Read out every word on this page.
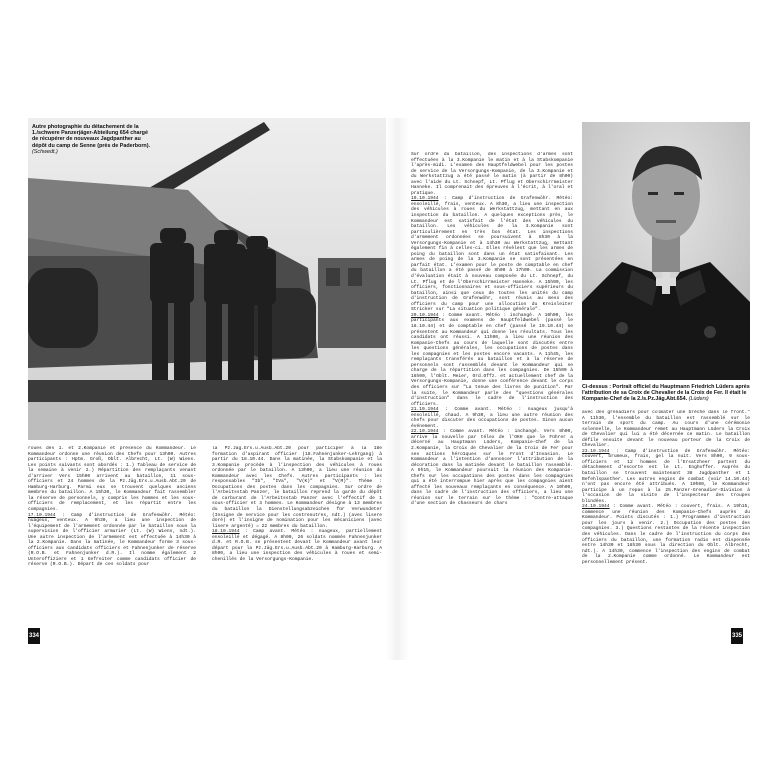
Autre photographie du détachement de la 1./schwere Panzerjäger-Abteilung 654 chargé de récupérer de nouveaux Jagdpanther au dépôt du camp de Senne (près de Paderborn). (Schwedt.)

roues des 1. et 2.Kompanie et présence du Kommandeur. Le Kommandeur ordonne une réunion des Chefs pour 13h00. Autres participants : Hptm. Groß, Oblt. Albrecht, Lt. (W) Wiens. Les points suivants sont abordés : 1.) Tableau de service de la semaine à venir 2.) Répartition des remplaçants venant d'arriver Vers 15h00 arrivent au bataillon, 11 sous-officiers et 24 hommes de la Pz.Jäg.Ers.u.Ausb.Abt.20 de Hamburg-Harburg. Parmi eux se trouvent quelques anciens membres du bataillon. A 15h30, le Kommandeur fait rassembler la réserve de personnels, y compris les hommes et les sous-officiers de remplacement, et les répartit entre les compagnies.

17.10.1944 : Camp d'instruction de Grafenwöhr. Météo: nuageux, venteux. A 9h30, a lieu une inspection de l'équipement de l'armement ordonnée par le bataillon sous la supervision de l'officier armurier (Lt. (W) Wiens, ndt.). Une autre inspection de l'armement est effectuée à 14h30 à la 2.Kompanie. Dans la matinée, le Kommandeur forme 3 sous-officiers aux candidats officiers et Fahnenjunker de réserve (R.O.B. et Fahnenjunker d.R.). Il nomme également 2 Unteroffiziere et 1 Gefreiter comme candidats officier de réserve (R.O.B.). Départ de ces soldats pour

la Pz.Jäg.Ers.u.Ausb.Abt.20 pour participer à la 18e formation d'aspirant officier (18.Fahnenjunker-Lehrgang) à partir du 18.10.44. Dans la matinée, la Stabskompanie et la 3.Kompanie procède à l'inspection des véhicules à roues ordonnée par le bataillon. A 13h00, a lieu une réunion du Kommandeur avec les Chefs. Autres participants : les responsables "Ib", "IVa", "V(K)" et "V(M)". Thème : Occupations des postes dans les compagnies. Sur ordre de l'Arbeitsstab Panzer, le bataillon reprend la garde du dépôt de carburant de l'Arbeitsstab Panzer avec l'effectif de 1 sous-officier et 3 hommes. Le Kommandeur désigne à 13 membres du bataillon la Dienstellungsabzeichen für Verwundeter (Insigne de service pour les contrenutres, ndt.) (avec lisere doré) et l'insigne de nomination pour les mécaniciens (avec lisere argenté) = 22 membres du bataillon.

18.10.1944 : Camp avant. Météo : nuageux, partiellement ensoleillé et dégagé. A 8h00, 26 soldats nommés Fahnenjunker d.R. et R.O.B. se présentent devant le Kommandeur avant leur départ pour la Pz.Jäg.Ers.u.Ausb.Abt.20 à Hamburg-Harburg. A 8h00, a lieu une inspection des véhicules à roues et semi-chenillés de la Versorgungs-Kompanie.

334

Sur ordre du bataillon, des inspections d'armes sont effectuées à la 3.Kompanie le matin et à la Stabskompanie l'après-midi. L'examen des Hauptfeldwebel pour les postes de service de la Versorgungs-Kompanie, de la 3.Kompanie et du Werkstattzug a été passé le matin (à partir de 8h00) avec l'aide du Lt. Schnepf, Lt. Pflug et Oberschirrmeister Hanneke. Il comprenait des épreuves à l'écrit, à l'oral et pratique.

19.10.1944 : Camp d'instruction de Grafenwöhr. Météo: ensoleillé, frais, venteux. A 8h30, a lieu une inspection des véhicules à roues du Werkstattzug, mettant en aux inspection du bataillon. A quelques exceptions près, le Kommandeur est satisfait de l'état des véhicules du bataillon. Les véhicules de la 3.Kompanie sont particulièrement en très bon état. Les inspections d'armement ordonnées se poursuivent à 8h30 à la Versorgungs-Kompanie et à 14h30 au Werkstattzug, mettant également fin à celles-ci. Elles révèlent que les armes de poing du bataillon sont dans un état satisfaisant. Les armes de poing de la 3.Kompanie se sont présentées en parfait état. L'examen pour le poste de comptable en chef du bataillon a été passé de 8h00 à 17h00. La commission d'évaluation était à nouveau composée du Lt. Schnepf, du Lt. Pflug et de l'Oberschirrmeister Hanneke. A 15h00, les officiers, fonctionnaires et sous-officiers supérieurs du bataillon, ainsi que ceux de toutes les unités du camp d'instruction de Grafenwöhr, sont réunis au mess des officiers du camp pour une allocution du Kreisleiter Stricker sur "La situation politique générale".

20.10.1944 : Comme avant. Météo : inchangé. A 10h00, les participants aux examens de Hauptfeldwebel (passé le 18.10.44) et de comptable en chef (passé le 19.10.44) se présentent au Kommandeur qui donne les résultats. Tous les candidats ont réussi. A 11h00, a lieu une réunion des Kompanie-Chefs au cours de laquelle sont discutés entre les questions générales, les occupations de postes dans les compagnies et les postes encore vacants. A 11h45, les remplaçants transférés au bataillon et à la réserve de personnels sont rassemblés devant le Kommandeur qui se charge de la répartition dans les compagnies. De 15h00 à 16h00, l'Oblt. Meier, Ord.Offz. et actuellement chef de la Versorgungs-Kompanie, donne une conférence devant le corps des officiers sur "La tenue des livres de punition". Par la suite, le Kommandeur parle des "questions générales d'instruction" dans le cadre de l'instruction des officiers.

21.10.1944 : Comme avant. Météo : nuageux jusqu'à ensoleillé, chaud. A 9h30, a lieu une autre réunion des chefs pour discuter des occupations de postes. Sinon aucun événement.

22.10.1944 : Comme avant. Météo : inchangé. Vers 8h00, arrive la nouvelle par télex de l'OKH que le Führer a décerné au Hauptmann Lüders, Kompanie-Chef de la 2.Kompanie, la Croix de Chevalier de la Croix de Fer pour ses actions héroïques sur le Front d'Invasion. Le Kommandeur a l'intention d'annoncer l'attribution de la décoration dans la matinée devant le bataillon rassemblé. A 9h15, le Kommandeur poursuit la réunion des Kompanie-Chefs sur les occupations des postes dans les compagnies qui a été interrompue hier après que les compagnies aient affecté les nouveaux remplaçants en conséquence. A 10h00, dans le cadre de l'instruction des officiers, a lieu une réunion sur le terrain sur le thème : "Contre-attaque d'une section de chasseurs de chars

Ci-dessus : Portrait officiel du Hauptmann Friedrich Lüders après l'attribution de sa Croix de Chevalier de la Croix de Fer. Il était le Kompanie-Chef de la 2./s.Pz.Jäg.Abt.654. (Lüders)

avec des grenadiers pour colmater une brèche dans le front." A 11h30, l'ensemble du bataillon est rassemblé sur le terrain de sport du camp. Au cours d'une cérémonie solennelle, le Kommandeur remet au Hauptmann Lüders la Croix de Chevalier qui lui a été décernée ce matin. Le bataillon défile ensuite devant le nouveau porteur de la Croix de Chevalier.

23.10.1944 : Camp d'instruction de Grafenwöhr. Météo: couvert, brumeux, frais, gel la nuit. Vers 8h00, 9 sous-officiers et 12 hommes de l'Ersatzheer partent du détachement d'escorte est le Lt. Enghoffer. Auprès du bataillon se trouvent maintenant 38 Jagdpanther et 1 Befehlspanther. Les autres engins de combat (voir 14.10.44) n'ont pas encore été attribués. A 10h00, le Kommandeur participe à un repas à la 25.Panzer-Grenadier-Division à l'occasion de la visite de l'inspecteur des troupes blindées.

24.10.1944 : Comme avant. Météo : couvert, frais. A 19h15, commence une réunion des Kompanie-Chefs auprès du Kommandeur. Points discutés : 1.) Programmes d'instruction pour les jours à venir. 2.) Occupation des postes des compagnies. 3.) Questions restantes de la récente inspection des véhicules. Dans le cadre de l'instruction du corps des officiers du bataillon, une formation radio est dispensée entre 14h30 et 18h30 sous la direction du Oblt. Albrecht, ndt.). A 14h30, commence l'inspection des engins de combat de la 2.Kompanie comme ordonné. Le Kommandeur est personnellement présent.

335
